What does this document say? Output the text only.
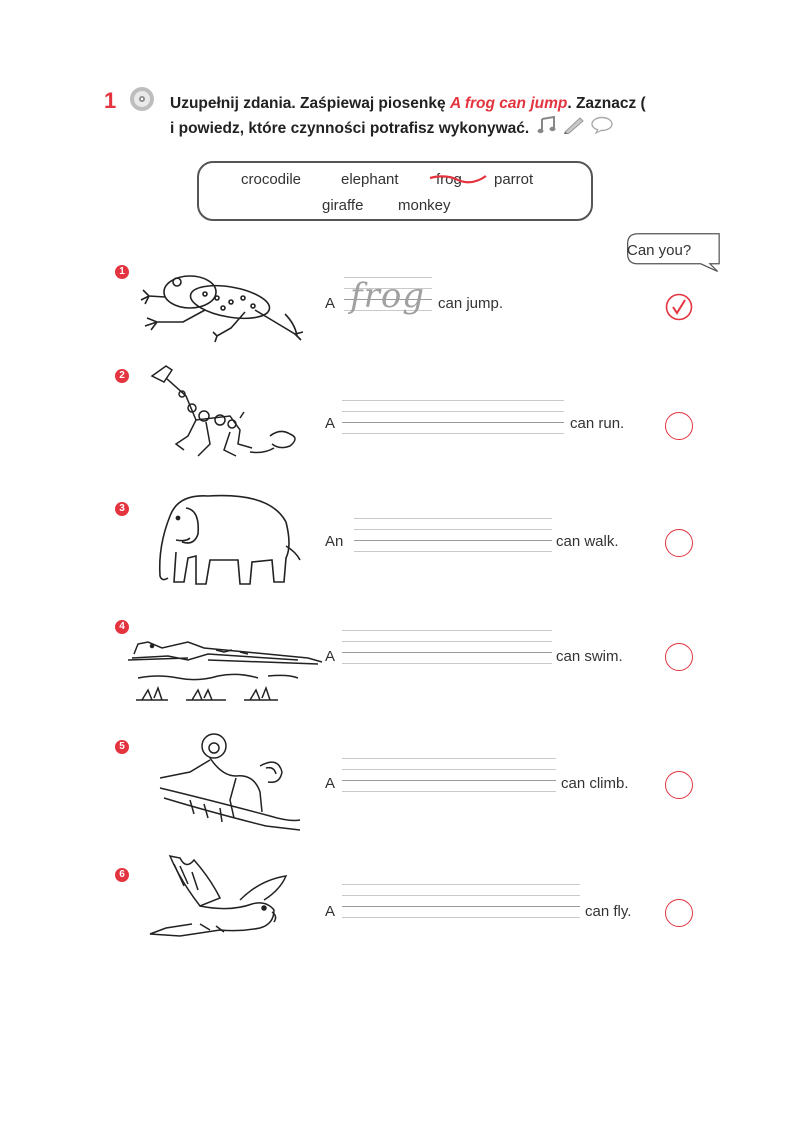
1	Uzupełnij zdania. Zaśpiewaj piosenkę A frog can jump. Zaznacz (
i powiedz, które czynności potrafisz wykonywać.
crocodile	elephant frog parrot
giraffe monkey
Can you?
1
A frog can jump.
2
A	can run.
3
An	can walk.
4
A	can swim.
5
A	can climb.
6
A	can fly.
